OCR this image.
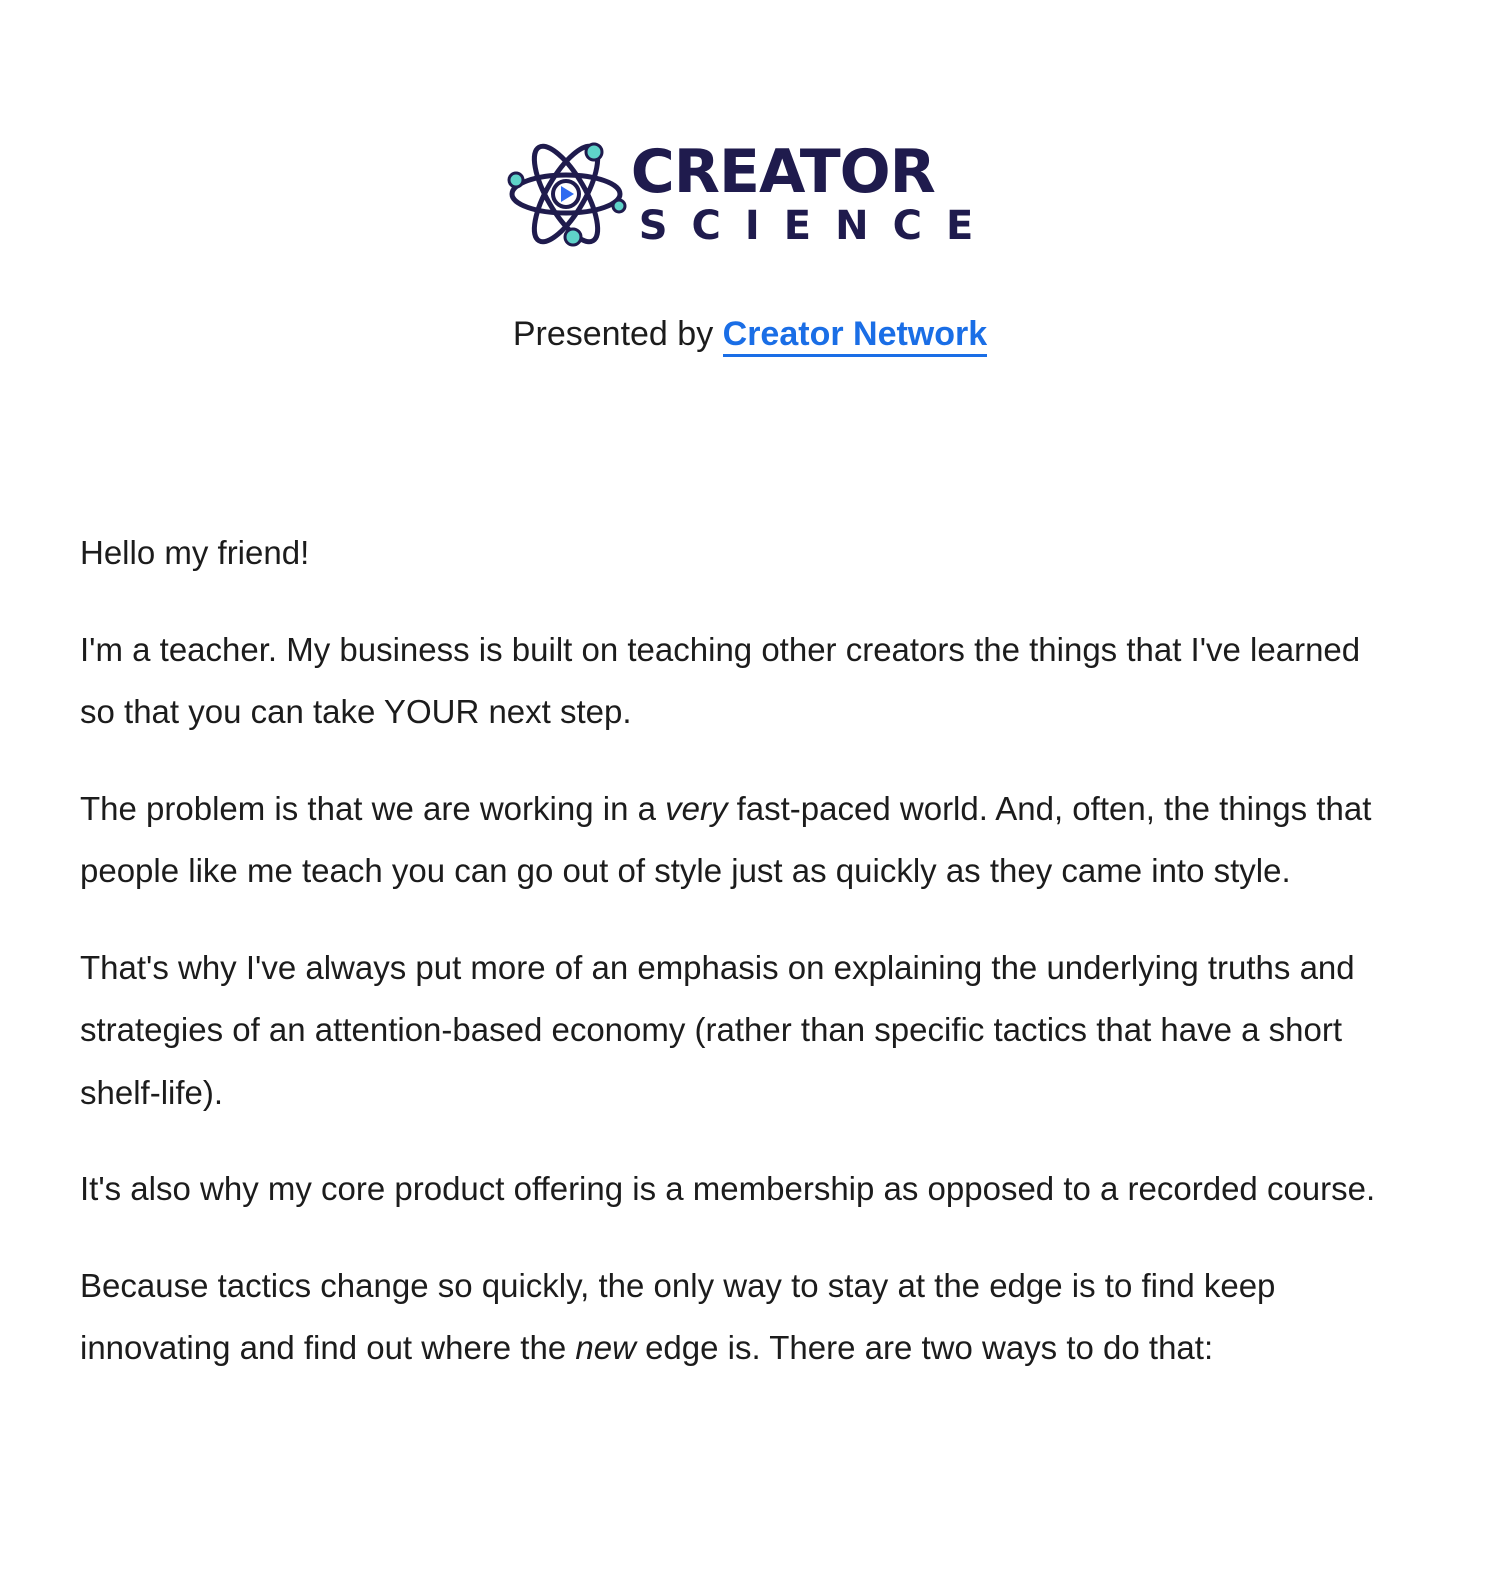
CREATOR
SCIENCE
Presented by Creator Network

Hello my friend!

I'm a teacher. My business is built on teaching other creators the things that I've learned so that you can take YOUR next step.

The problem is that we are working in a very fast-paced world. And, often, the things that people like me teach you can go out of style just as quickly as they came into style.

That's why I've always put more of an emphasis on explaining the underlying truths and strategies of an attention-based economy (rather than specific tactics that have a short shelf-life).

It's also why my core product offering is a membership as opposed to a recorded course.

Because tactics change so quickly, the only way to stay at the edge is to find keep innovating and find out where the new edge is. There are two ways to do that:
